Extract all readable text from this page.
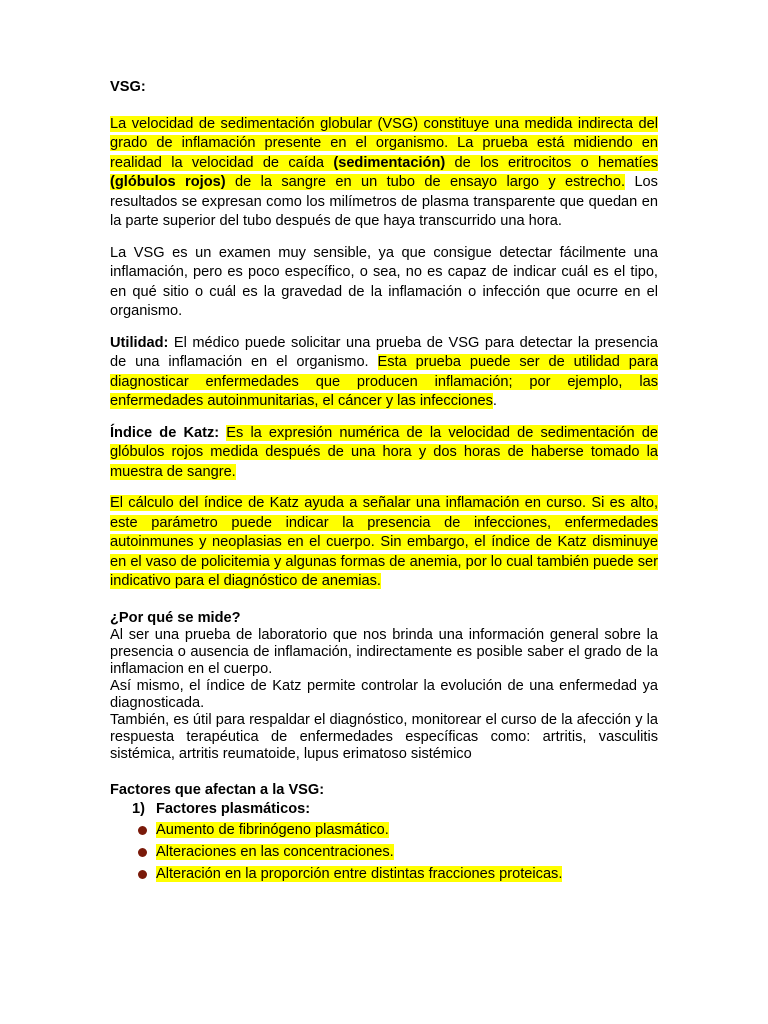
VSG:

La velocidad de sedimentación globular (VSG) constituye una medida indirecta del grado de inflamación presente en el organismo. La prueba está midiendo en realidad la velocidad de caída (sedimentación) de los eritrocitos o hematíes (glóbulos rojos) de la sangre en un tubo de ensayo largo y estrecho. Los resultados se expresan como los milímetros de plasma transparente que quedan en la parte superior del tubo después de que haya transcurrido una hora.

La VSG es un examen muy sensible, ya que consigue detectar fácilmente una inflamación, pero es poco específico, o sea, no es capaz de indicar cuál es el tipo, en qué sitio o cuál es la gravedad de la inflamación o infección que ocurre en el organismo.

Utilidad: El médico puede solicitar una prueba de VSG para detectar la presencia de una inflamación en el organismo. Esta prueba puede ser de utilidad para diagnosticar enfermedades que producen inflamación; por ejemplo, las enfermedades autoinmunitarias, el cáncer y las infecciones.

Índice de Katz: Es la expresión numérica de la velocidad de sedimentación de glóbulos rojos medida después de una hora y dos horas de haberse tomado la muestra de sangre.

El cálculo del índice de Katz ayuda a señalar una inflamación en curso. Si es alto, este parámetro puede indicar la presencia de infecciones, enfermedades autoinmunes y neoplasias en el cuerpo. Sin embargo, el índice de Katz disminuye en el vaso de policitemia y algunas formas de anemia, por lo cual también puede ser indicativo para el diagnóstico de anemias.

¿Por qué se mide?

Al ser una prueba de laboratorio que nos brinda una información general sobre la presencia o ausencia de inflamación, indirectamente es posible saber el grado de la inflamacion en el cuerpo.

Así mismo, el índice de Katz permite controlar la evolución de una enfermedad ya diagnosticada.

También, es útil para respaldar el diagnóstico, monitorear el curso de la afección y la respuesta terapéutica de enfermedades específicas como: artritis, vasculitis sistémica, artritis reumatoide, lupus erimatoso sistémico

Factores que afectan a la VSG:

1) Factores plasmáticos:

Aumento de fibrinógeno plasmático.
Alteraciones en las concentraciones.
Alteración en la proporción entre distintas fracciones proteicas.
